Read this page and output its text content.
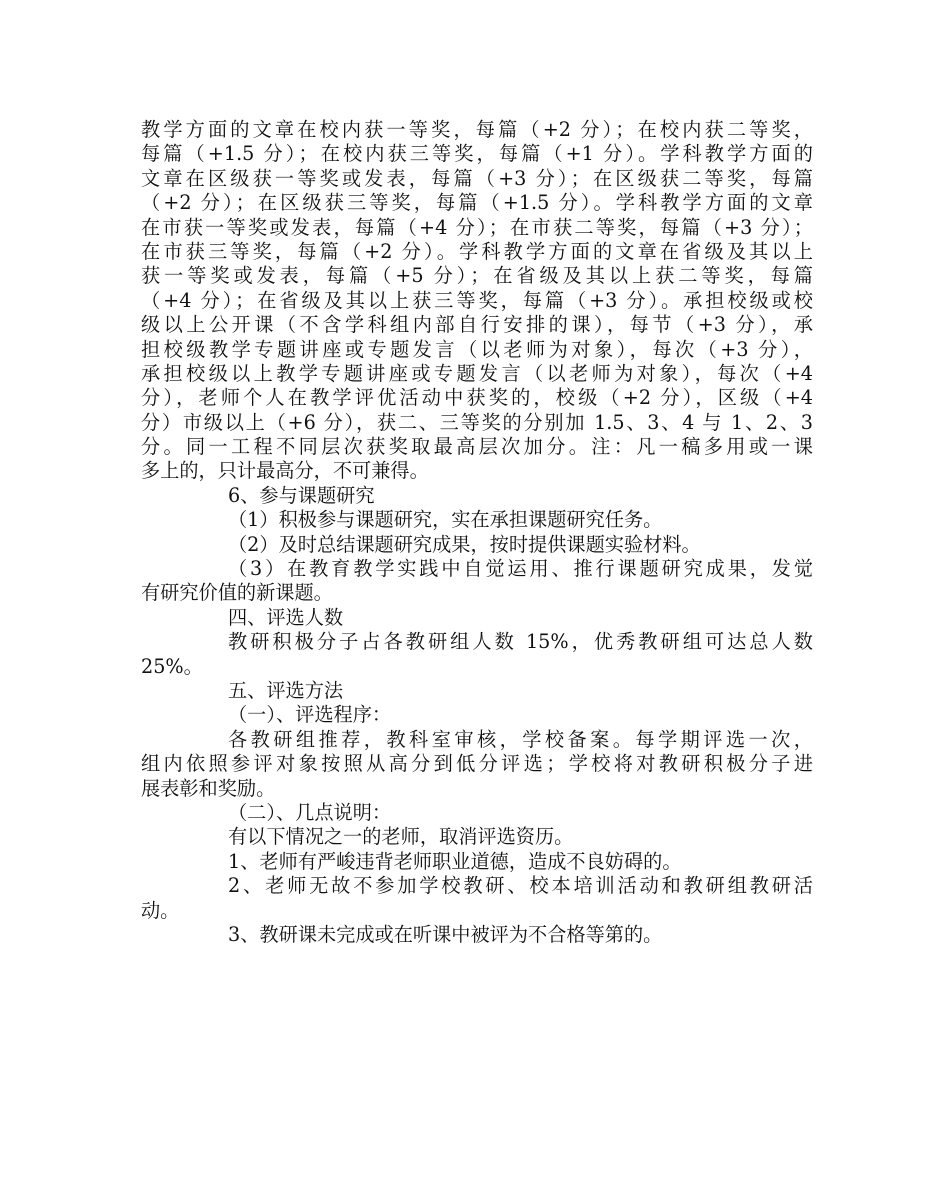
教学方面的文章在校内获一等奖，每篇（+2 分）；在校内获二等奖，
每篇（+1.5 分）；在校内获三等奖，每篇（+1 分）。学科教学方面的
文章在区级获一等奖或发表，每篇（+3 分）；在区级获二等奖，每篇
（+2 分）；在区级获三等奖，每篇（+1.5 分）。学科教学方面的文章
在市获一等奖或发表，每篇（+4 分）；在市获二等奖，每篇（+3 分）；
在市获三等奖，每篇（+2 分）。学科教学方面的文章在省级及其以上
获一等奖或发表，每篇（+5 分）；在省级及其以上获二等奖，每篇
（+4 分）；在省级及其以上获三等奖，每篇（+3 分）。承担校级或校
级以上公开课（不含学科组内部自行安排的课），每节（+3 分），承
担校级教学专题讲座或专题发言（以老师为对象），每次（+3 分），
承担校级以上教学专题讲座或专题发言（以老师为对象），每次（+4
分），老师个人在教学评优活动中获奖的，校级（+2 分），区级（+4
分）市级以上（+6 分），获二、三等奖的分别加 1.5、3、4 与 1、2、3
分。同一工程不同层次获奖取最高层次加分。注：凡一稿多用或一课
多上的，只计最高分，不可兼得。
6、参与课题研究
（1）积极参与课题研究，实在承担课题研究任务。
（2）及时总结课题研究成果，按时提供课题实验材料。
（3）在教育教学实践中自觉运用、推行课题研究成果，发觉
有研究价值的新课题。
四、评选人数
教研积极分子占各教研组人数 15%，优秀教研组可达总人数
25%。
五、评选方法
（一）、评选程序：
各教研组推荐，教科室审核，学校备案。每学期评选一次，
组内依照参评对象按照从高分到低分评选；学校将对教研积极分子进
展表彰和奖励。
（二）、几点说明：
有以下情况之一的老师，取消评选资历。
1、老师有严峻违背老师职业道德，造成不良妨碍的。
2、老师无故不参加学校教研、校本培训活动和教研组教研活
动。
3、教研课未完成或在听课中被评为不合格等第的。
